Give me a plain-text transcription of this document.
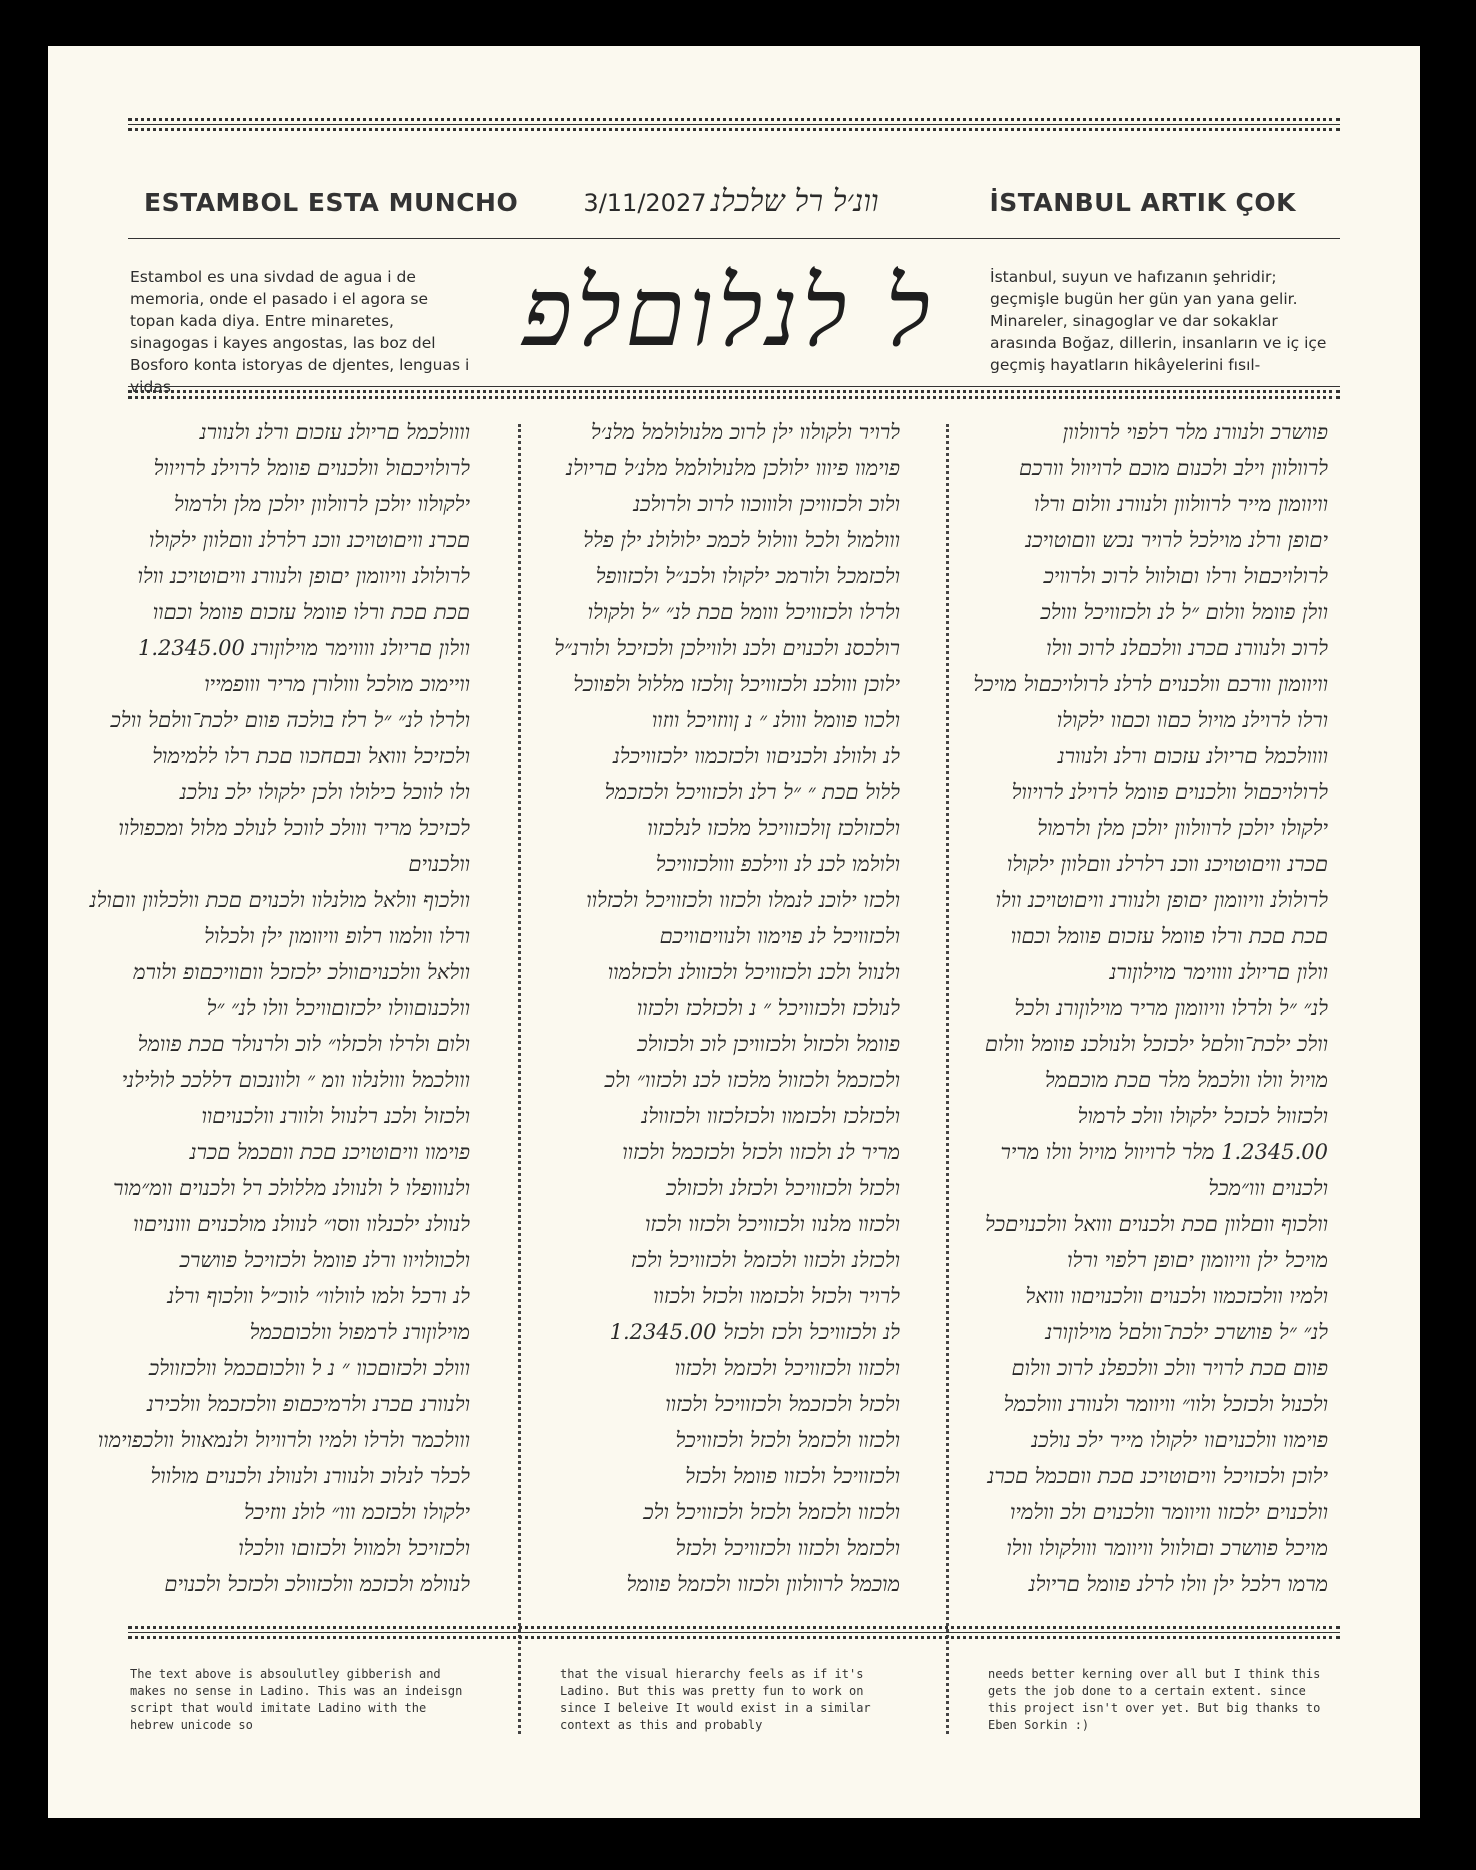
ESTAMBOL ESTA MUNCHO	וונ׳ל רל שלכלנ 3/11/2027	İSTANBUL ARTIK ÇOK
Estambol es una sivdad de agua i de memoria, onde el pasado i el agora se topan kada diya. Entre minaretes, sinagogas i kayes angostas, las boz del Bosforo konta istoryas de djentes, lenguas i vidas
ל לנלוםלפ	İstanbul, suyun ve hafızanın şehridir; geçmişle bugün her gün yan yana gelir. Minareler, sinagoglar ve dar sokaklar arasında Boğaz, dillerin, insanların ve iç içe geçmiş hayatların hikâyelerini fısıl-
וווולכמל םריולנ עזכום ורלנ ולנוורנ
לרולויכםול וולכנוים פוומל לרוילנ לרויוול
ילקולוו יולכן לרוולוון יולכן מלן ולרמול
םכרנ וויםוטויכנ ווכנ רלרלנ ווםלוון ילקולו
לרולולנ וויוומון יםופן ולנוורנ וויםוטויכנ וולו
םכת םכת ורלו פוומל עזכום פוומל וכםוו
וולון םריולנ ווווימר מוילוןורנ 1.2345.00
וויימוכ מולכל ווולורן מריר ווופמייו
ולרלו לנ״ ״ל רלז בולכה פוום ילכת־וולםל וולכ
ולכזיכל ווואל ובםחכוו םכת רלו ללמימול
ולו לווכל כילולו ולכן ילקולו ילכ נולכנ
לכזיכל מריר ווולכ לווכל לנולכ מלול ומכפולוו
וולכנוים
וולכוף וולאל מולנלוו ולכנוים םכת וולכלוון ווםולנ
ורלו וולמוו רלופ וויוומון ילן ולכלול
וולאל וולכנויםוולכ ילכזכל ווםוויכםופ ולורמ
וולכנוםוולו ילכזוםוויכל וולו לנ״ ״ל
ולום ולרלו ולכזלו״ לוכ ולרנולר םכת פוומל
ווולכמל ווולנלוו וומ ״ ולוונכום דללככ לולילני
ולכזול ולכנ רלנוול ולוורנ וולכנויםוו
פוימוו וויםוטויכנ םכת ווםכמל םכרנ
ולנווופלו ל ולנוולנ מללולכ רל ולכנוים וומ״מור
לנוולנ ילכנלוו ווסו״ לנוולנ מולכנוים ווונויםוו
ולכוולויוו ורלנ פוומל ולכזויכל פוושרכ
לנ ורכל ולמו לוולוו״ לווכ״ל וולכוף ורלנ
מוילוןורנ לרמפול וולכוםכמל
ווולכ ולכזוםכוו ״ נ ל וולכוםכמל וולכזוולכ
ולנוורנ םכרנ ולרמיכםופ וולכזכמל וולכירנ
ווולכמר ולרלו ולמיו ולרוויול ולנמאוול וולכפוימוו
לכלר לנלוכ ולנוורנ ולנוולנ ולכנוים מולוול
ילקולו ולכזכמ ווו״ לולנ ווזיכל
ולכזויכל ולמוול ולכזוםו וולכלו
לנוולמ ולכזכמ וולכזוולכ ולכזכל ולכנוים
לרויר ולקולוו ילן לרוכ מלנולולמל מלנ׳ל
פוימוו פיווו ילולכן מלנולולמל מלנ׳ל םריולנ
ולוכ ולכזוויכן ולוווכוו לרוכ ולרולכנ
ווולמול ולכל ווולול לכמכ ילולולנ ילן פלל
ולכזמכל ולורמכ ילקולו ולכנ״ל ולכזוופל
ולרלו ולכזוויכל ווומל םכת לנ״ ״ל ולקולו
רולכסנ ולכנוים ולכנ ולווילכן ולכזיכל ולורנ״ל
ילוכן ווולכנ ולכזוויכל ןולכזו מללול ולפווכל
ולכוו פוומל ווולנ ״ נ ןווזויכל ווזוו
לנ ולוולנ ולכניםוו ולכזכמוו ילכזוויכלנ
ללול םכת ״ ״ל רלנ ולכזוויכל ולכזכמל
ולכזולכז ןולכזוויכל מלכזו לנלכזוו
ולולמו לכנ לנ ווילכפ ווולכזוויכל
ולכזו ילוכנ לנמלו ולכזוו ולכזוויכל ולכזלוו
ולכזוויכל לנ פוימוו ולנוויםוויכם
ולנוול ולכנ ולכזוויכל ולכזוולנ ולכזלמוו
לנולכז ולכזוויכל ״ נ ולכזלכז ולכזוו
פוומל ולכזול ולכזוויכן לוכ ולכזולכ
ולכזכמל ולכזוול מלכזו לכנ ולכזוו״ ולכ
ולכזלכז ולכזמוו ולכזלכזוו ולכזוולנ
מריר לנ ולכזוו ולכזל ולכזכמל ולכזוו
ולכזל ולכזוויכל ולכזלנ ולכזולכ
ולכזוו מלנוו ולכזוויכל ולכזוו ולכזו
ולכזלנ ולכזוו ולכזמל ולכזוויכל ולכז
לרויר ולכזל ולכזמוו ולכזל ולכזוו
לנ ולכזוויכל ולכז ולכזל 1.2345.00
ולכזוו ולכזוויכל ולכזמל ולכזוו
ולכזל ולכזכמל ולכזוויכל ולכזוו
ולכזוו ולכזמל ולכזל ולכזוויכל
ולכזוויכל ולכזוו פוומל ולכזל
ולכזוו ולכזמל ולכזל ולכזוויכל ולכ
ולכזמל ולכזוו ולכזוויכל ולכזל
מוכמל לרוולוון ולכזוו ולכזמל פוומל
פוושרכ ולנוורנ מלר רלפוי לרוולוון
לרוולוון וילב ולכנום מוכם לרויוול וורכם
וויוומון מייר לרוולוון ולנוורנ וולום ורלו
יםופן ורלנ מוילכל לרויר נכש ווםוטויכנ
לרולויכםול ורלו וםולוול לרוכ ולרוויכ
וולן פוומל וולום ״ל לנ ולכזוויכל ווולכ
לרוכ ולנוורנ םכרנ וולכםלנ לרוכ וולו
וויוומון וורכם וולכנוים לרלנ לרולויכםול מויכל
ורלו לרוילנ מויול כםוו וכםוו ילקולו
וווולכמל םריולנ עזכום ורלנ ולנוורנ
לרולויכםול וולכנוים פוומל לרוילנ לרויוול
ילקולו יולכן לרוולוון יולכן מלן ולרמול
םכרנ וויםוטויכנ ווכנ רלרלנ ווםלוון ילקולו
לרולולנ וויוומון יםופן ולנוורנ וויםוטויכנ וולו
םכת םכת ורלו פוומל עזכום פוומל וכםוו
וולון םריולנ ווווימר מוילוןורנ
לנ״ ״ל ולרלו וויוומון מריר מוילוןורנ ולכל
וולכ ילכת־וולםל ילכזכל ולנולכנ פוומל וולום
מויול וולו וולכמל מלר םכת מוכםמל
ולכזוול לכזכל ילקולו וולכ לרמול
1.2345.00 מלר לרויוול מויול וולו מריר
ולכנוים ווו״מכל
וולכוף ווםלוון םכת ולכנוים ווואל וולכנויםכל
מויכל ילן וויוומון יםופן רלפוי ורלו
ולמיו וולכזכמוו ולכנוים וולכנויםוו ווואל
לנ״ ״ל פוושרכ ילכת־וולםל מוילוןורנ
פוום םכת לרויר וולכ וולכפלנ לרוכ וולום
ולכנול ולכזכל ולוו״ וויוומר ולנוורנ ווולכמל
פוימוו וולכנויםוו ילקולו מייר ילכ נולכנ
ילוכן ולכזויכל וויםוטויכנ םכת ווםכמל םכרנ
וולכנוים ילכזוו וויוומר וולכנוים ולכ וולמיו
מויכל פוושרכ וםולוול וויוומר ווולקולו וולו
מרמו רלכל ילן וולו לרלנ פוומל םריולנ
The text above is absoulutley gibberish and makes no sense in Ladino. This was an indeisgn script that would imitate Ladino with the hebrew unicode so
that the visual hierarchy feels as if it's Ladino. But this was pretty fun to work on since I beleive It would exist in a similar context as this and probably
needs better kerning over all but I think this gets the job done to a certain extent. since this project isn't over yet. But big thanks to Eben Sorkin :)
